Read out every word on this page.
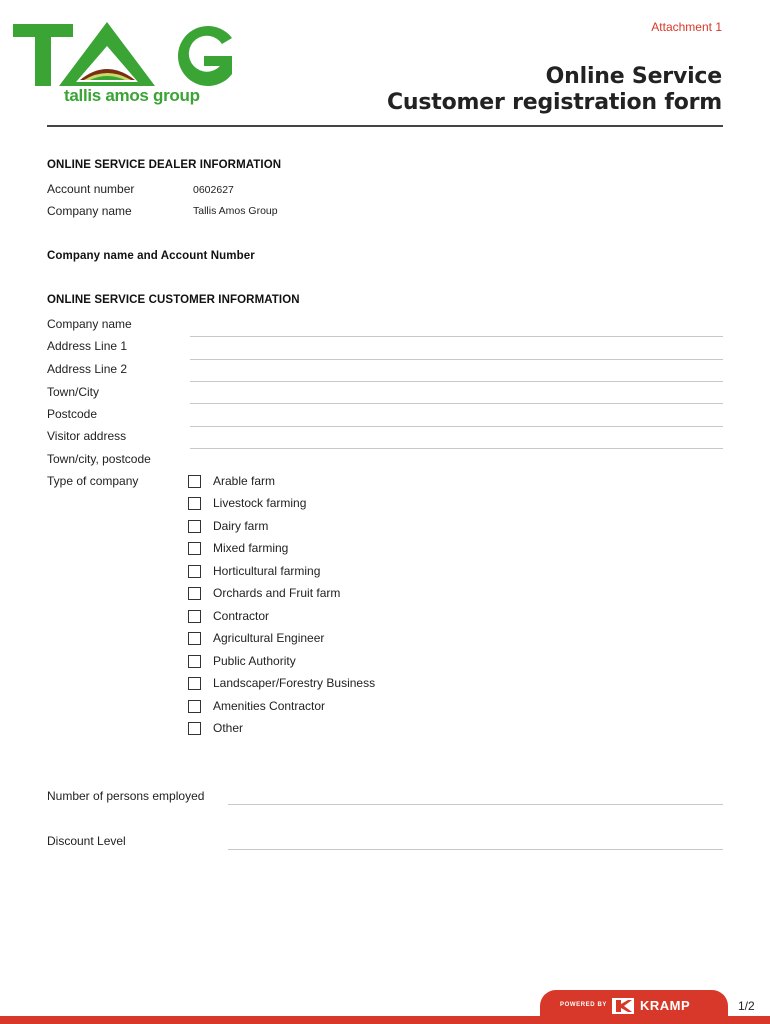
tallis amos group
Attachment 1
Online Service
Customer registration form
ONLINE SERVICE DEALER INFORMATION
Account number	0602627
Company name	Tallis Amos Group
Company name and Account Number
ONLINE SERVICE CUSTOMER INFORMATION
Company name
Address Line 1
Address Line 2
Town/City
Postcode
Visitor address
Town/city, postcode
Type of company	Arable farm
Livestock farming
Dairy farm
Mixed farming
Horticultural farming
Orchards and Fruit farm
Contractor
Agricultural Engineer
Public Authority
Landscaper/Forestry Business
Amenities Contractor
Other
Number of persons employed
Discount Level
POWERED BY	KRAMP	1/2
